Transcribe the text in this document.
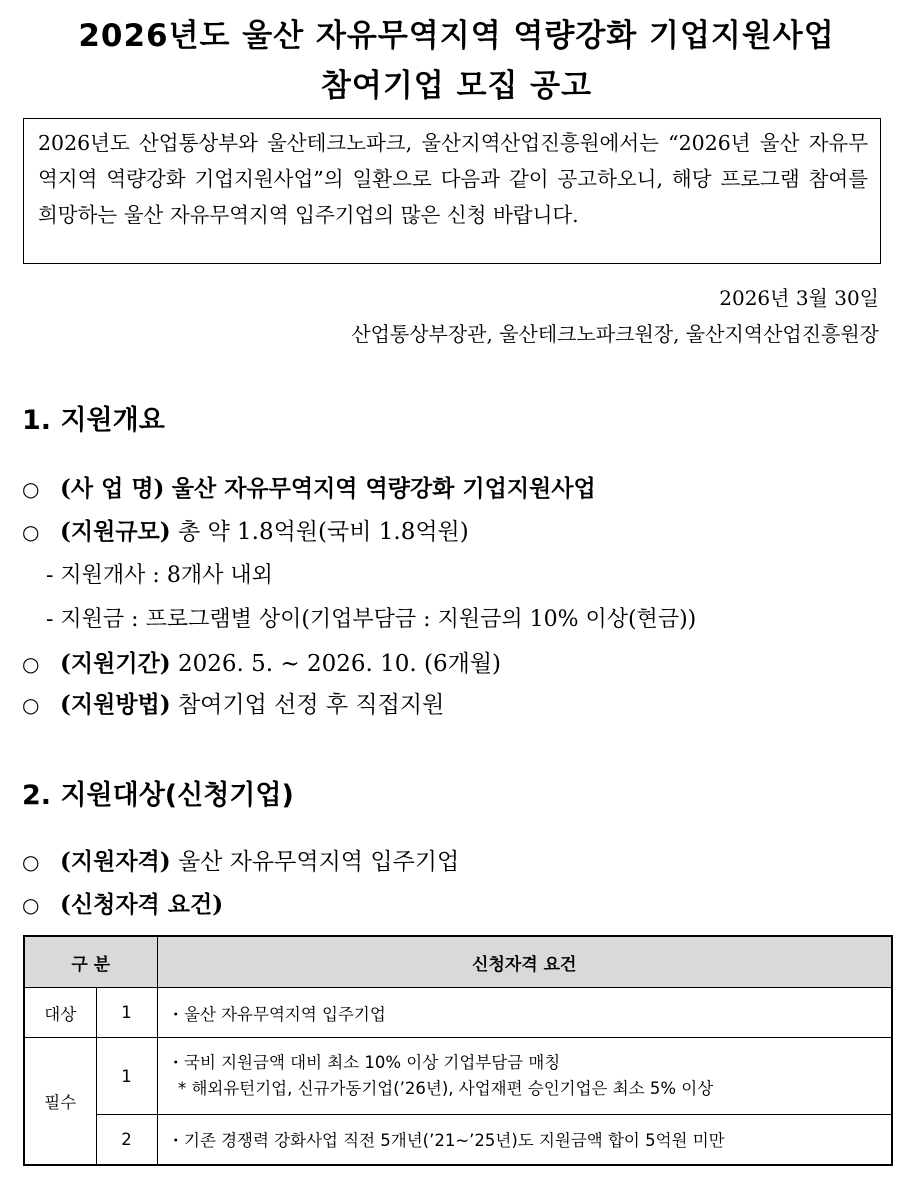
2026년도 울산 자유무역지역 역량강화 기업지원사업
참여기업 모집 공고
2026년도 산업통상부와 울산테크노파크, 울산지역산업진흥원에서는 “2026년 울산 자유무역지역 역량강화 기업지원사업”의 일환으로 다음과 같이 공고하오니, 해당 프로그램 참여를 희망하는 울산 자유무역지역 입주기업의 많은 신청 바랍니다.
2026년 3월 30일
산업통상부장관, 울산테크노파크원장, 울산지역산업진흥원장
1. 지원개요
○ (사 업 명) 울산 자유무역지역 역량강화 기업지원사업
○ (지원규모) 총 약 1.8억원(국비 1.8억원)
- 지원개사 : 8개사 내외
- 지원금 : 프로그램별 상이(기업부담금 : 지원금의 10% 이상(현금))
○ (지원기간) 2026. 5. ~ 2026. 10. (6개월)
○ (지원방법) 참여기업 선정 후 직접지원
2. 지원대상(신청기업)
○ (지원자격) 울산 자유무역지역 입주기업
○ (신청자격 요건)
구 분		신청자격 요건
대상	1	・울산 자유무역지역 입주기업
필수	1	・국비 지원금액 대비 최소 10% 이상 기업부담금 매칭
* 해외유턴기업, 신규가동기업(’26년), 사업재편 승인기업은 최소 5% 이상

	2	・기존 경쟁력 강화사업 직전 5개년(’21~’25년)도 지원금액 합이 5억원 미만
